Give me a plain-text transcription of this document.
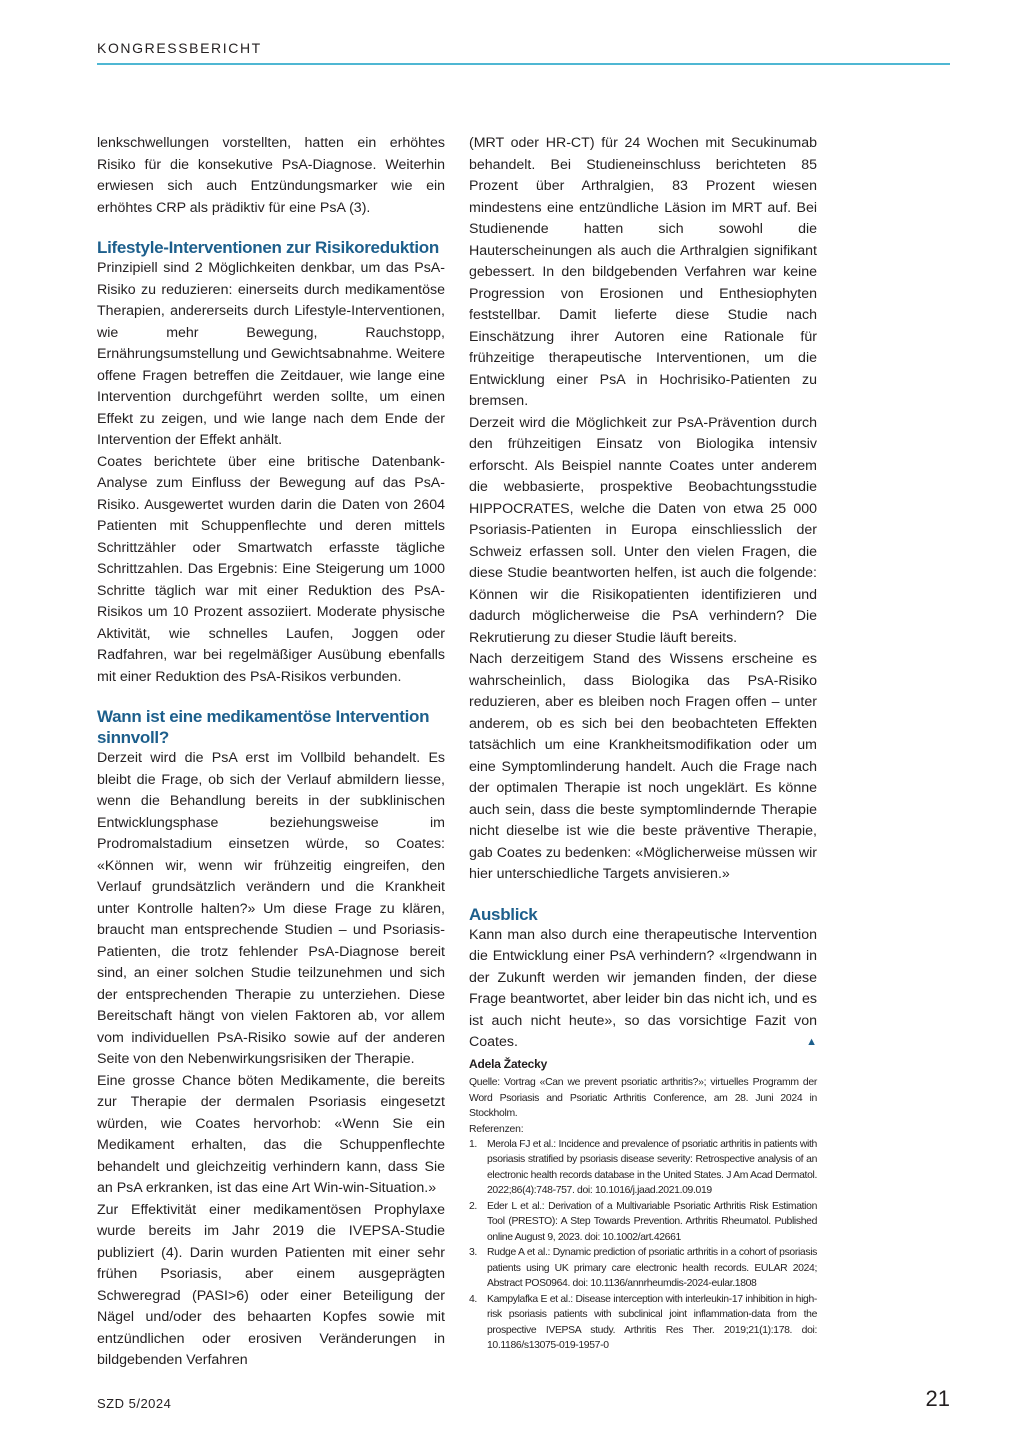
KONGRESSBERICHT

lenkschwellungen vorstellten, hatten ein erhöhtes Risiko für die konsekutive PsA-Diagnose. Weiterhin erwiesen sich auch Entzündungsmarker wie ein erhöhtes CRP als prädiktiv für eine PsA (3).

Lifestyle-Interventionen zur Risikoreduktion

Prinzipiell sind 2 Möglichkeiten denkbar, um das PsA-Risiko zu reduzieren: einerseits durch medikamentöse Therapien, andererseits durch Lifestyle-Interventionen, wie mehr Bewegung, Rauchstopp, Ernährungsumstellung und Gewichtsabnahme. Weitere offene Fragen betreffen die Zeitdauer, wie lange eine Intervention durchgeführt werden sollte, um einen Effekt zu zeigen, und wie lange nach dem Ende der Intervention der Effekt anhält.

Coates berichtete über eine britische Datenbank-Analyse zum Einfluss der Bewegung auf das PsA-Risiko. Ausgewertet wurden darin die Daten von 2604 Patienten mit Schuppenflechte und deren mittels Schrittzähler oder Smartwatch erfasste tägliche Schrittzahlen. Das Ergebnis: Eine Steigerung um 1000 Schritte täglich war mit einer Reduktion des PsA-Risikos um 10 Prozent assoziiert. Moderate physische Aktivität, wie schnelles Laufen, Joggen oder Radfahren, war bei regelmäßiger Ausübung ebenfalls mit einer Reduktion des PsA-Risikos verbunden.

Wann ist eine medikamentöse Intervention sinnvoll?

Derzeit wird die PsA erst im Vollbild behandelt. Es bleibt die Frage, ob sich der Verlauf abmildern liesse, wenn die Behandlung bereits in der subklinischen Entwicklungsphase beziehungsweise im Prodromalstadium einsetzen würde, so Coates: «Können wir, wenn wir frühzeitig eingreifen, den Verlauf grundsätzlich verändern und die Krankheit unter Kontrolle halten?» Um diese Frage zu klären, braucht man entsprechende Studien – und Psoriasis-Patienten, die trotz fehlender PsA-Diagnose bereit sind, an einer solchen Studie teilzunehmen und sich der entsprechenden Therapie zu unterziehen. Diese Bereitschaft hängt von vielen Faktoren ab, vor allem vom individuellen PsA-Risiko sowie auf der anderen Seite von den Nebenwirkungsrisiken der Therapie.

Eine grosse Chance böten Medikamente, die bereits zur Therapie der dermalen Psoriasis eingesetzt würden, wie Coates hervorhob: «Wenn Sie ein Medikament erhalten, das die Schuppenflechte behandelt und gleichzeitig verhindern kann, dass Sie an PsA erkranken, ist das eine Art Win-win-Situation.»

Zur Effektivität einer medikamentösen Prophylaxe wurde bereits im Jahr 2019 die IVEPSA-Studie publiziert (4). Darin wurden Patienten mit einer sehr frühen Psoriasis, aber einem ausgeprägten Schweregrad (PASI>6) oder einer Beteiligung der Nägel und/oder des behaarten Kopfes sowie mit entzündlichen oder erosiven Veränderungen in bildgebenden Verfahren

(MRT oder HR-CT) für 24 Wochen mit Secukinumab behandelt. Bei Studieneinschluss berichteten 85 Prozent über Arthralgien, 83 Prozent wiesen mindestens eine entzündliche Läsion im MRT auf. Bei Studienende hatten sich sowohl die Hauterscheinungen als auch die Arthralgien signifikant gebessert. In den bildgebenden Verfahren war keine Progression von Erosionen und Enthesiophyten feststellbar. Damit lieferte diese Studie nach Einschätzung ihrer Autoren eine Rationale für frühzeitige therapeutische Interventionen, um die Entwicklung einer PsA in Hochrisiko-Patienten zu bremsen.

Derzeit wird die Möglichkeit zur PsA-Prävention durch den frühzeitigen Einsatz von Biologika intensiv erforscht. Als Beispiel nannte Coates unter anderem die webbasierte, prospektive Beobachtungsstudie HIPPOCRATES, welche die Daten von etwa 25 000 Psoriasis-Patienten in Europa einschliesslich der Schweiz erfassen soll. Unter den vielen Fragen, die diese Studie beantworten helfen, ist auch die folgende: Können wir die Risikopatienten identifizieren und dadurch möglicherweise die PsA verhindern? Die Rekrutierung zu dieser Studie läuft bereits.

Nach derzeitigem Stand des Wissens erscheine es wahrscheinlich, dass Biologika das PsA-Risiko reduzieren, aber es bleiben noch Fragen offen – unter anderem, ob es sich bei den beobachteten Effekten tatsächlich um eine Krankheitsmodifikation oder um eine Symptomlinderung handelt. Auch die Frage nach der optimalen Therapie ist noch ungeklärt. Es könne auch sein, dass die beste symptomlindernde Therapie nicht dieselbe ist wie die beste präventive Therapie, gab Coates zu bedenken: «Möglicherweise müssen wir hier unterschiedliche Targets anvisieren.»

Ausblick

Kann man also durch eine therapeutische Intervention die Entwicklung einer PsA verhindern? «Irgendwann in der Zukunft werden wir jemanden finden, der diese Frage beantwortet, aber leider bin das nicht ich, und es ist auch nicht heute», so das vorsichtige Fazit von Coates.	▲

Adela Žatecky

Quelle: Vortrag «Can we prevent psoriatic arthritis?»; virtuelles Programm der Word Psoriasis and Psoriatic Arthritis Conference, am 28. Juni 2024 in Stockholm.

Referenzen:

1. Merola FJ et al.: Incidence and prevalence of psoriatic arthritis in patients with psoriasis stratified by psoriasis disease severity: Retrospective analysis of an electronic health records database in the United States. J Am Acad Dermatol. 2022;86(4):748-757. doi: 10.1016/j.jaad.2021.09.019
2. Eder L et al.: Derivation of a Multivariable Psoriatic Arthritis Risk Estimation Tool (PRESTO): A Step Towards Prevention. Arthritis Rheumatol. Published online August 9, 2023. doi: 10.1002/art.42661
3. Rudge A et al.: Dynamic prediction of psoriatic arthritis in a cohort of psoriasis patients using UK primary care electronic health records. EULAR 2024; Abstract POS0964. doi: 10.1136/annrheumdis-2024-eular.1808
4. Kampylafka E et al.: Disease interception with interleukin-17 inhibition in high-risk psoriasis patients with subclinical joint inflammation-data from the prospective IVEPSA study. Arthritis Res Ther. 2019;21(1):178. doi: 10.1186/s13075-019-1957-0
SZD 5/2024	21
